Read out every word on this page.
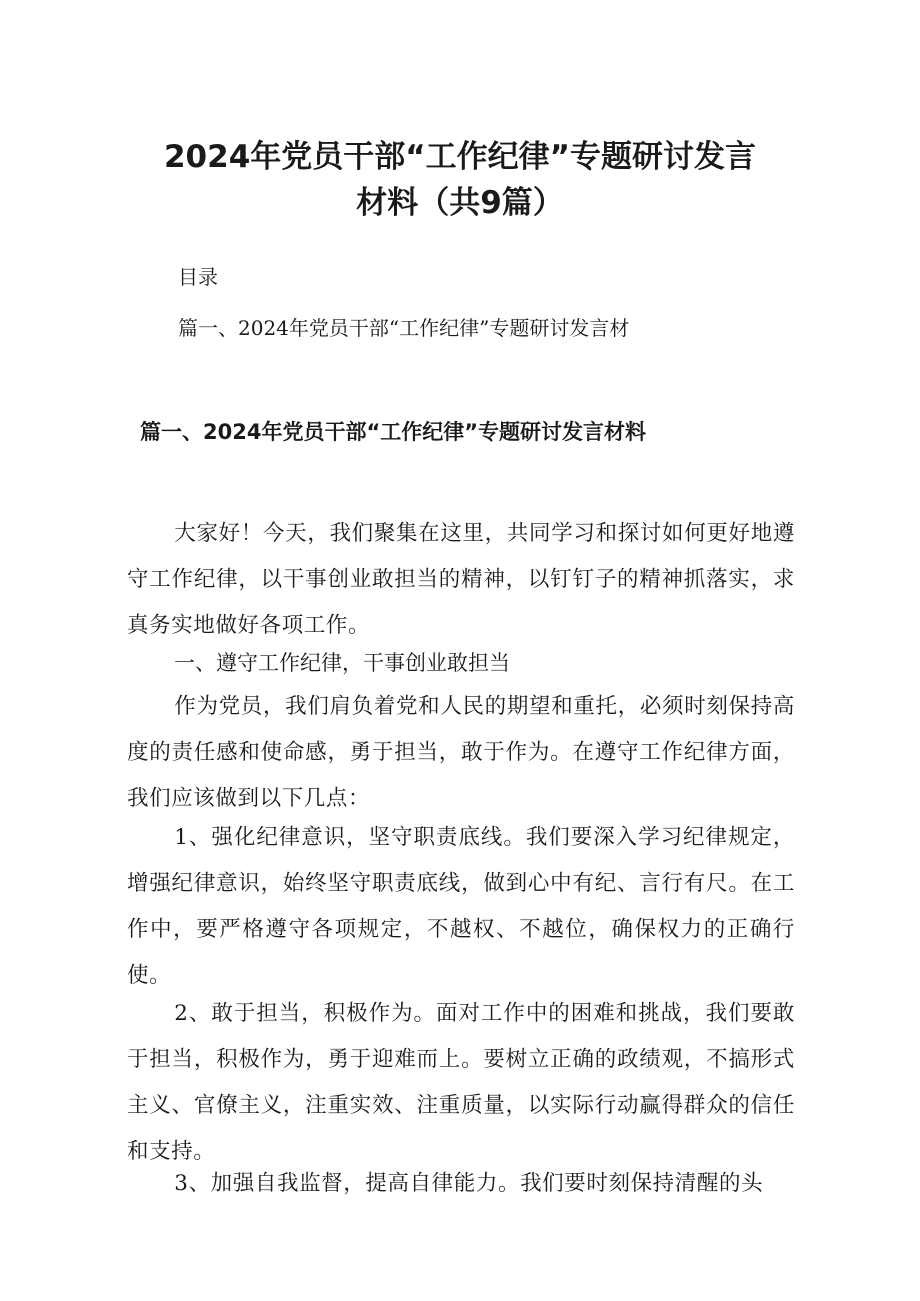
2024年党员干部“工作纪律”专题研讨发言
材料（共9篇）
目录
篇一、2024年党员干部“工作纪律”专题研讨发言材
篇一、2024年党员干部“工作纪律”专题研讨发言材料

大家好！今天，我们聚集在这里，共同学习和探讨如何更好地遵守工作纪律，以干事创业敢担当的精神，以钉钉子的精神抓落实，求真务实地做好各项工作。

一、遵守工作纪律，干事创业敢担当

作为党员，我们肩负着党和人民的期望和重托，必须时刻保持高度的责任感和使命感，勇于担当，敢于作为。在遵守工作纪律方面，我们应该做到以下几点：

1、强化纪律意识，坚守职责底线。我们要深入学习纪律规定，增强纪律意识，始终坚守职责底线，做到心中有纪、言行有尺。在工作中，要严格遵守各项规定，不越权、不越位，确保权力的正确行使。

2、敢于担当，积极作为。面对工作中的困难和挑战，我们要敢于担当，积极作为，勇于迎难而上。要树立正确的政绩观，不搞形式主义、官僚主义，注重实效、注重质量，以实际行动赢得群众的信任和支持。

3、加强自我监督，提高自律能力。我们要时刻保持清醒的头
